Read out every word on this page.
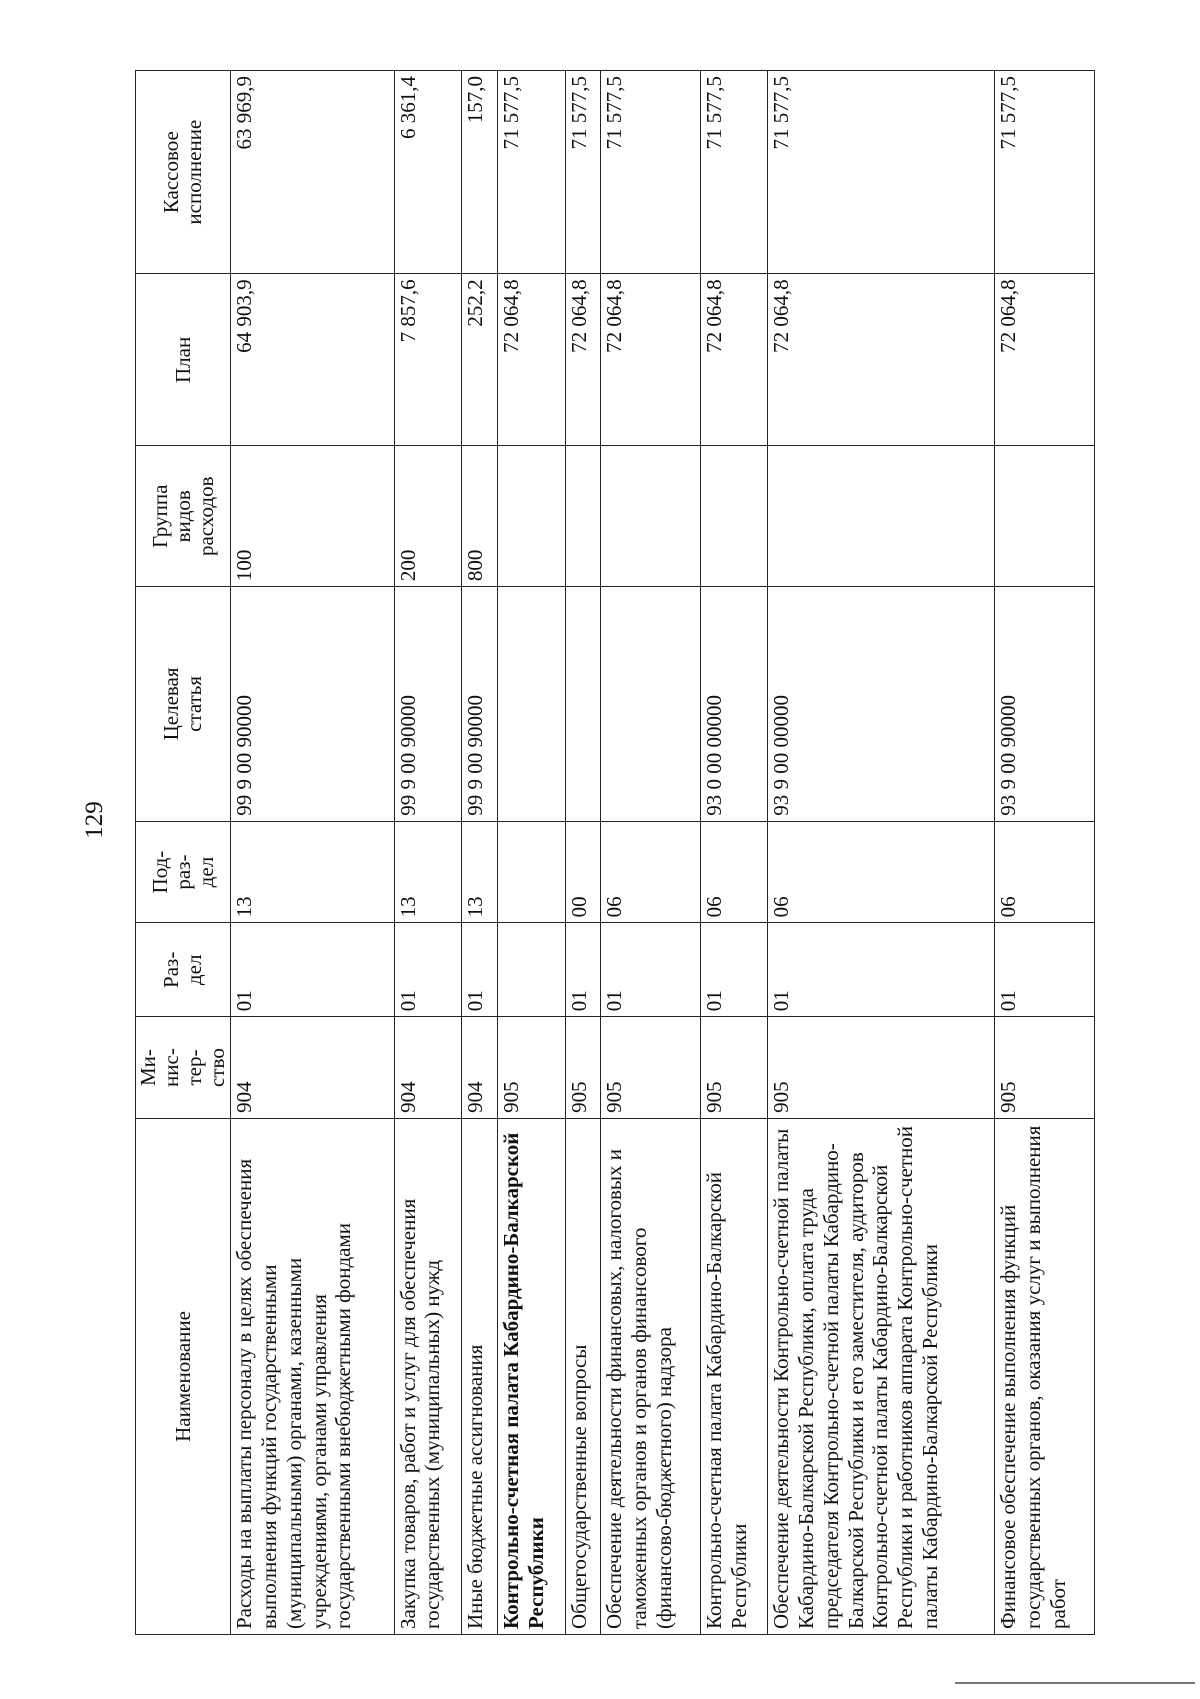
129
Наименование	Ми-
нис-
тер-
ство	Раз-
дел	Под-
раз-
дел	Целевая
статья	Группа
видов
расходов	План	Кассовое
исполнение
Расходы на выплаты персоналу в целях обеспечения выполнения функций государственными (муниципальными) органами, казенными учреждениями, органами управления государственными внебюджетными фондами	904	01	13	99 9 00 90000	100	64 903,9	63 969,9
Закупка товаров, работ и услуг для обеспечения государственных (муниципальных) нужд	904	01	13	99 9 00 90000	200	7 857,6	6 361,4
Иные бюджетные ассигнования	904	01	13	99 9 00 90000	800	252,2	157,0
Контрольно-счетная палата Кабардино-Балкарской Республики	905					72 064,8	71 577,5
Общегосударственные вопросы	905	01	00			72 064,8	71 577,5
Обеспечение деятельности финансовых, налоговых и таможенных органов и органов финансового (финансово-бюджетного) надзора	905	01	06			72 064,8	71 577,5
Контрольно-счетная палата Кабардино-Балкарской Республики	905	01	06	93 0 00 00000		72 064,8	71 577,5
Обеспечение деятельности Контрольно-счетной палаты Кабардино-Балкарской Республики, оплата труда председателя Контрольно-счетной палаты Кабардино-Балкарской Республики и его заместителя, аудиторов Контрольно-счетной палаты Кабардино-Балкарской Республики и работников аппарата Контрольно-счетной палаты Кабардино-Балкарской Республики	905	01	06	93 9 00 00000		72 064,8	71 577,5
Финансовое обеспечение выполнения функций государственных органов, оказания услуг и выполнения работ	905	01	06	93 9 00 90000		72 064,8	71 577,5
